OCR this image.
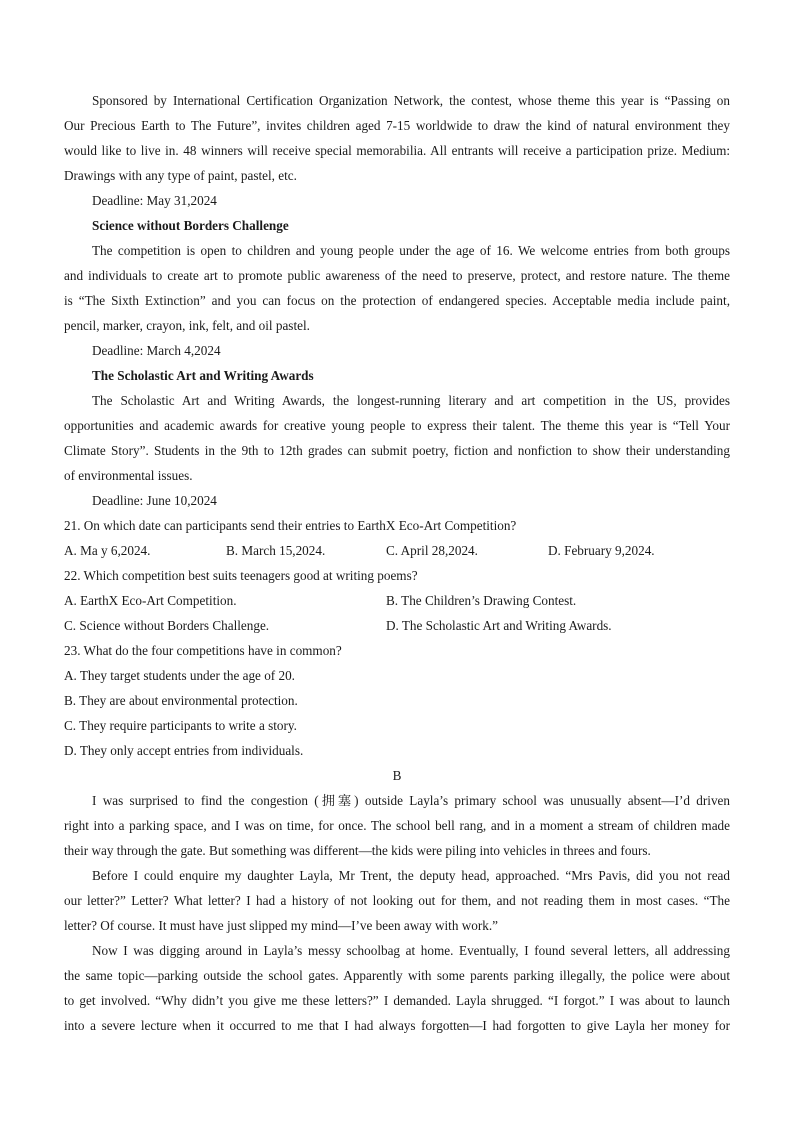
Sponsored by International Certification Organization Network, the contest, whose theme this year is “Passing on
Our Precious Earth to The Future”, invites children aged 7-15 worldwide to draw the kind of natural environment they
would like to live in. 48 winners will receive special memorabilia. All entrants will receive a participation prize. Medium:
Drawings with any type of paint, pastel, etc.
Deadline: May 31,2024
Science without Borders Challenge
The competition is open to children and young people under the age of 16. We welcome entries from both groups
and individuals to create art to promote public awareness of the need to preserve, protect, and restore nature. The theme
is “The Sixth Extinction” and you can focus on the protection of endangered species. Acceptable media include paint,
pencil, marker, crayon, ink, felt, and oil pastel.
Deadline: March 4,2024
The Scholastic Art and Writing Awards
The Scholastic Art and Writing Awards, the longest-running literary and art competition in the US, provides
opportunities and academic awards for creative young people to express their talent. The theme this year is “Tell Your
Climate Story”. Students in the 9th to 12th grades can submit poetry, fiction and nonfiction to show their understanding
of environmental issues.
Deadline: June 10,2024
21. On which date can participants send their entries to EarthX Eco-Art Competition?
A. Ma y 6,2024.	B. March 15,2024.	C. April 28,2024.	D. February 9,2024.
22. Which competition best suits teenagers good at writing poems?
A. EarthX Eco-Art Competition.	B. The Children’s Drawing Contest.
C. Science without Borders Challenge.	D. The Scholastic Art and Writing Awards.
23. What do the four competitions have in common?
A. They target students under the age of 20.
B. They are about environmental protection.
C. They require participants to write a story.
D. They only accept entries from individuals.
B
I was surprised to find the congestion (拥塞) outside Layla’s primary school was unusually absent—I’d driven
right into a parking space, and I was on time, for once. The school bell rang, and in a moment a stream of children made
their way through the gate. But something was different—the kids were piling into vehicles in threes and fours.
Before I could enquire my daughter Layla, Mr Trent, the deputy head, approached. “Mrs Pavis, did you not read
our letter?” Letter? What letter? I had a history of not looking out for them, and not reading them in most cases. “The
letter? Of course. It must have just slipped my mind—I’ve been away with work.”
Now I was digging around in Layla’s messy schoolbag at home. Eventually, I found several letters, all addressing
the same topic—parking outside the school gates. Apparently with some parents parking illegally, the police were about
to get involved. “Why didn’t you give me these letters?” I demanded. Layla shrugged. “I forgot.” I was about to launch
into a severe lecture when it occurred to me that I had always forgotten—I had forgotten to give Layla her money for
